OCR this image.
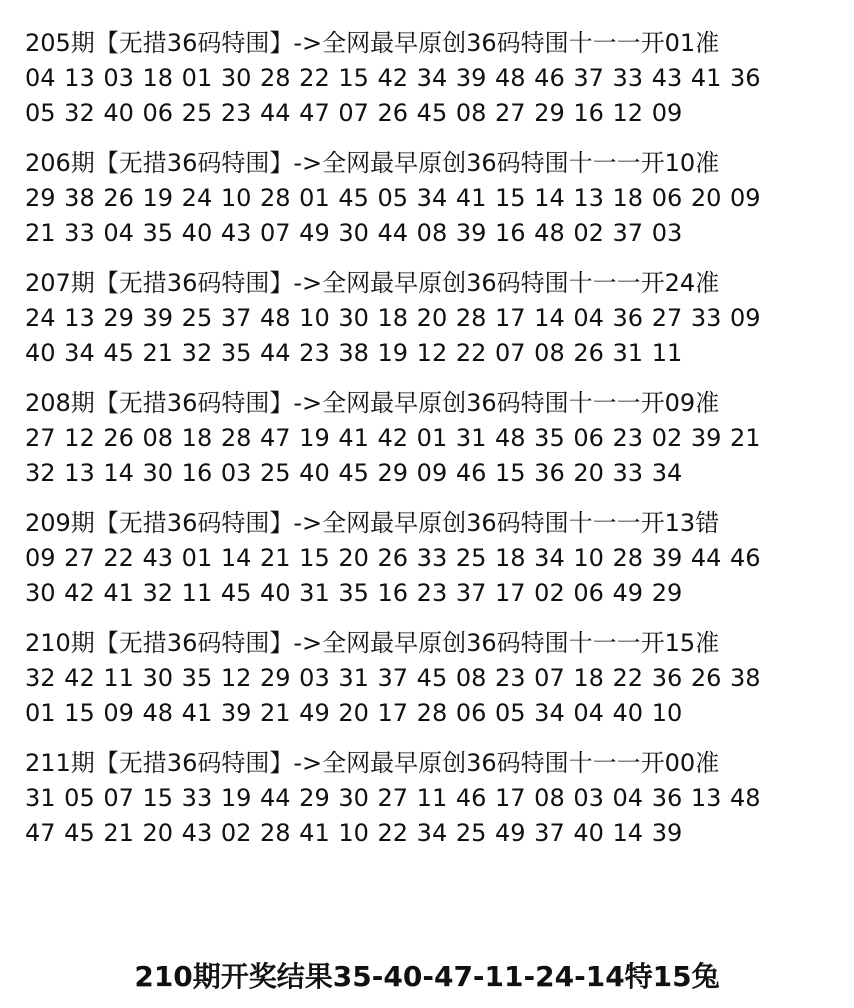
205期【无措36码特围】->全网最早原创36码特围十一一开01准
04 13 03 18 01 30 28 22 15 42 34 39 48 46 37 33 43 41 36
05 32 40 06 25 23 44 47 07 26 45 08 27 29 16 12 09
206期【无措36码特围】->全网最早原创36码特围十一一开10准
29 38 26 19 24 10 28 01 45 05 34 41 15 14 13 18 06 20 09
21 33 04 35 40 43 07 49 30 44 08 39 16 48 02 37 03
207期【无措36码特围】->全网最早原创36码特围十一一开24准
24 13 29 39 25 37 48 10 30 18 20 28 17 14 04 36 27 33 09
40 34 45 21 32 35 44 23 38 19 12 22 07 08 26 31 11
208期【无措36码特围】->全网最早原创36码特围十一一开09准
27 12 26 08 18 28 47 19 41 42 01 31 48 35 06 23 02 39 21
32 13 14 30 16 03 25 40 45 29 09 46 15 36 20 33 34
209期【无措36码特围】->全网最早原创36码特围十一一开13错
09 27 22 43 01 14 21 15 20 26 33 25 18 34 10 28 39 44 46
30 42 41 32 11 45 40 31 35 16 23 37 17 02 06 49 29
210期【无措36码特围】->全网最早原创36码特围十一一开15准
32 42 11 30 35 12 29 03 31 37 45 08 23 07 18 22 36 26 38
01 15 09 48 41 39 21 49 20 17 28 06 05 34 04 40 10
211期【无措36码特围】->全网最早原创36码特围十一一开00准
31 05 07 15 33 19 44 29 30 27 11 46 17 08 03 04 36 13 48
47 45 21 20 43 02 28 41 10 22 34 25 49 37 40 14 39
210期开奖结果35-40-47-11-24-14特15兔
